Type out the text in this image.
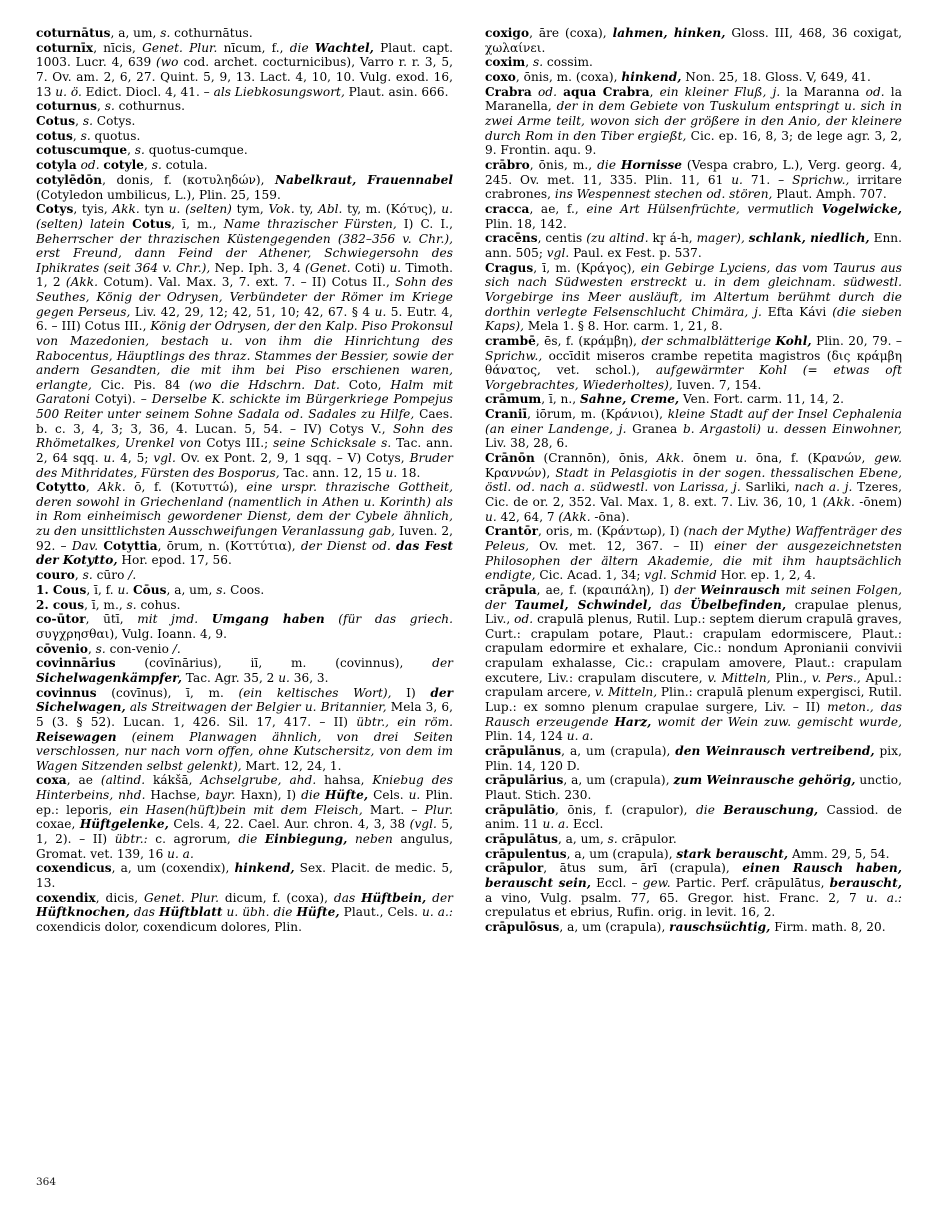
coturnātus, a, um, s. cothurnātus.

coturnīx, nīcis, Genet. Plur. nīcum, f., die Wachtel, Plaut. capt. 1003. Lucr. 4, 639 (wo cod. archet. cocturnicibus), Varro r. r. 3, 5, 7. Ov. am. 2, 6, 27. Quint. 5, 9, 13. Lact. 4, 10, 10. Vulg. exod. 16, 13 u. ö. Edict. Diocl. 4, 41. – als Liebkosungswort, Plaut. asin. 666.

coturnus, s. cothurnus.

Cotus, s. Cotys.

cotus, s. quotus.

cotuscumque, s. quotus-cumque.

cotyla od. cotyle, s. cotula.

cotylēdōn, donis, f. (κοτυληδών), Nabelkraut, Frauennabel (Cotyledon umbilicus, L.), Plin. 25, 159.

Cotys, tyis, Akk. tyn u. (selten) tym, Vok. ty, Abl. ty, m. (Κότυς), u. (selten) latein Cotus, ī, m., Name thrazischer Fürsten, I) C. I., Beherrscher der thrazischen Küstengegenden (382–356 v. Chr.), erst Freund, dann Feind der Athener, Schwiegersohn des Iphikrates (seit 364 v. Chr.), Nep. Iph. 3, 4 (Genet. Coti) u. Timoth. 1, 2 (Akk. Cotum). Val. Max. 3, 7. ext. 7. – II) Cotus II., Sohn des Seuthes, König der Odrysen, Verbündeter der Römer im Kriege gegen Perseus, Liv. 42, 29, 12; 42, 51, 10; 42, 67. § 4 u. 5. Eutr. 4, 6. – III) Cotus III., König der Odrysen, der den Kalp. Piso Prokonsul von Mazedonien, bestach u. von ihm die Hinrichtung des Rabocentus, Häuptlings des thraz. Stammes der Bessier, sowie der andern Gesandten, die mit ihm bei Piso erschienen waren, erlangte, Cic. Pis. 84 (wo die Hdschrn. Dat. Coto, Halm mit Garatoni Cotyi). – Derselbe K. schickte im Bürgerkriege Pompejus 500 Reiter unter seinem Sohne Sadala od. Sadales zu Hilfe, Caes. b. c. 3, 4, 3; 3, 36, 4. Lucan. 5, 54. – IV) Cotys V., Sohn des Rhömetalkes, Urenkel von Cotys III.; seine Schicksale s. Tac. ann. 2, 64 sqq. u. 4, 5; vgl. Ov. ex Pont. 2, 9, 1 sqq. – V) Cotys, Bruder des Mithridates, Fürsten des Bosporus, Tac. ann. 12, 15 u. 18.

Cotytto, Akk. ō, f. (Κοτυττώ), eine urspr. thrazische Gottheit, deren sowohl in Griechenland (namentlich in Athen u. Korinth) als in Rom einheimisch gewordener Dienst, dem der Cybele ähnlich, zu den unsittlichsten Ausschweifungen Veranlassung gab, Iuven. 2, 92. – Dav. Cotyttia, ōrum, n. (Κοττύτια), der Dienst od. das Fest der Kotytto, Hor. epod. 17, 56.

couro, s. cūro /.

1. Cous, ī, f. u. Cōus, a, um, s. Coos.

2. cous, ī, m., s. cohus.

co-ūtor, ūtī, mit jmd. Umgang haben (für das griech. συγχρησθαι), Vulg. Ioann. 4, 9.

cōvenio, s. con-venio /.

covinnārius (covīnārius), iī, m. (covinnus), der Sichelwagenkämpfer, Tac. Agr. 35, 2 u. 36, 3.

covinnus (covīnus), ī, m. (ein keltisches Wort), I) der Sichelwagen, als Streitwagen der Belgier u. Britannier, Mela 3, 6, 5 (3. § 52). Lucan. 1, 426. Sil. 17, 417. – II) übtr., ein röm. Reisewagen (einem Planwagen ähnlich, von drei Seiten verschlossen, nur nach vorn offen, ohne Kutschersitz, von dem im Wagen Sitzenden selbst gelenkt), Mart. 12, 24, 1.

coxa, ae (altind. kákšā, Achselgrube, ahd. hahsa, Kniebug des Hinterbeins, nhd. Hachse, bayr. Haxn), I) die Hüfte, Cels. u. Plin. ep.: leporis, ein Hasen(hüft)bein mit dem Fleisch, Mart. – Plur. coxae, Hüftgelenke, Cels. 4, 22. Cael. Aur. chron. 4, 3, 38 (vgl. 5, 1, 2). – II) übtr.: c. agrorum, die Einbiegung, neben angulus, Gromat. vet. 139, 16 u. a.

coxendicus, a, um (coxendix), hinkend, Sex. Placit. de medic. 5, 13.

coxendix, dicis, Genet. Plur. dicum, f. (coxa), das Hüftbein, der Hüftknochen, das Hüftblatt u. übh. die Hüfte, Plaut., Cels. u. a.: coxendicis dolor, coxendicum dolores, Plin.

coxigo, āre (coxa), lahmen, hinken, Gloss. III, 468, 36 coxigat, χωλαίνει.

coxim, s. cossim.

coxo, ōnis, m. (coxa), hinkend, Non. 25, 18. Gloss. V, 649, 41.

Crabra od. aqua Crabra, ein kleiner Fluß, j. la Maranna od. la Maranella, der in dem Gebiete von Tuskulum entspringt u. sich in zwei Arme teilt, wovon sich der größere in den Anio, der kleinere durch Rom in den Tiber ergießt, Cic. ep. 16, 8, 3; de lege agr. 3, 2, 9. Frontin. aqu. 9.

crābro, ōnis, m., die Hornisse (Vespa crabro, L.), Verg. georg. 4, 245. Ov. met. 11, 335. Plin. 11, 61 u. 71. – Sprichw., irritare crabrones, ins Wespennest stechen od. stören, Plaut. Amph. 707.

cracca, ae, f., eine Art Hülsenfrüchte, vermutlich Vogelwicke, Plin. 18, 142.

cracēns, centis (zu altind. kr̥ á-h, mager), schlank, niedlich, Enn. ann. 505; vgl. Paul. ex Fest. p. 537.

Cragus, ī, m. (Κράγος), ein Gebirge Lyciens, das vom Taurus aus sich nach Südwesten erstreckt u. in dem gleichnam. südwestl. Vorgebirge ins Meer ausläuft, im Altertum berühmt durch die dorthin verlegte Felsenschlucht Chimära, j. Efta Kávi (die sieben Kaps), Mela 1. § 8. Hor. carm. 1, 21, 8.

crambē, ēs, f. (κράμβη), der schmalblätterige Kohl, Plin. 20, 79. – Sprichw., occīdit miseros crambe repetita magistros (δις κράμβη θάνατος, vet. schol.), aufgewärmter Kohl (= etwas oft Vorgebrachtes, Wiederholtes), Iuven. 7, 154.

crāmum, ī, n., Sahne, Creme, Ven. Fort. carm. 11, 14, 2.

Craniī, iōrum, m. (Κράνιοι), kleine Stadt auf der Insel Cephalenia (an einer Landenge, j. Granea b. Argastoli) u. dessen Einwohner, Liv. 38, 28, 6.

Crānōn (Crannōn), ōnis, Akk. ōnem u. ōna, f. (Κρανών, gew. Κραννών), Stadt in Pelasgiotis in der sogen. thessalischen Ebene, östl. od. nach a. südwestl. von Larissa, j. Sarliki, nach a. j. Tzeres, Cic. de or. 2, 352. Val. Max. 1, 8. ext. 7. Liv. 36, 10, 1 (Akk. -ōnem) u. 42, 64, 7 (Akk. -ōna).

Crantōr, oris, m. (Κράντωρ), I) (nach der Mythe) Waffenträger des Peleus, Ov. met. 12, 367. – II) einer der ausgezeichnetsten Philosophen der ältern Akademie, die mit ihm hauptsächlich endigte, Cic. Acad. 1, 34; vgl. Schmid Hor. ep. 1, 2, 4.

crāpula, ae, f. (κραιπάλη), I) der Weinrausch mit seinen Folgen, der Taumel, Schwindel, das Übelbefinden, crapulae plenus, Liv., od. crapulā plenus, Rutil. Lup.: septem dierum crapulā graves, Curt.: crapulam potare, Plaut.: crapulam edormiscere, Plaut.: crapulam edormire et exhalare, Cic.: nondum Apronianii convivii crapulam exhalasse, Cic.: crapulam amovere, Plaut.: crapulam excutere, Liv.: crapulam discutere, v. Mitteln, Plin., v. Pers., Apul.: crapulam arcere, v. Mitteln, Plin.: crapulā plenum expergisci, Rutil. Lup.: ex somno plenum crapulae surgere, Liv. – II) meton., das Rausch erzeugende Harz, womit der Wein zuw. gemischt wurde, Plin. 14, 124 u. a.

crāpulānus, a, um (crapula), den Weinrausch vertreibend, pix, Plin. 14, 120 D.

crāpulārius, a, um (crapula), zum Weinrausche gehörig, unctio, Plaut. Stich. 230.

crāpulātio, ōnis, f. (crapulor), die Berauschung, Cassiod. de anim. 11 u. a. Eccl.

crāpulātus, a, um, s. crāpulor.

crāpulentus, a, um (crapula), stark berauscht, Amm. 29, 5, 54.

crāpulor, ātus sum, ārī (crapula), einen Rausch haben, berauscht sein, Eccl. – gew. Partic. Perf. crāpulātus, berauscht, a vino, Vulg. psalm. 77, 65. Gregor. hist. Franc. 2, 7 u. a.: crepulatus et ebrius, Rufin. orig. in levit. 16, 2.

crāpulōsus, a, um (crapula), rauschsüchtig, Firm. math. 8, 20.

364
